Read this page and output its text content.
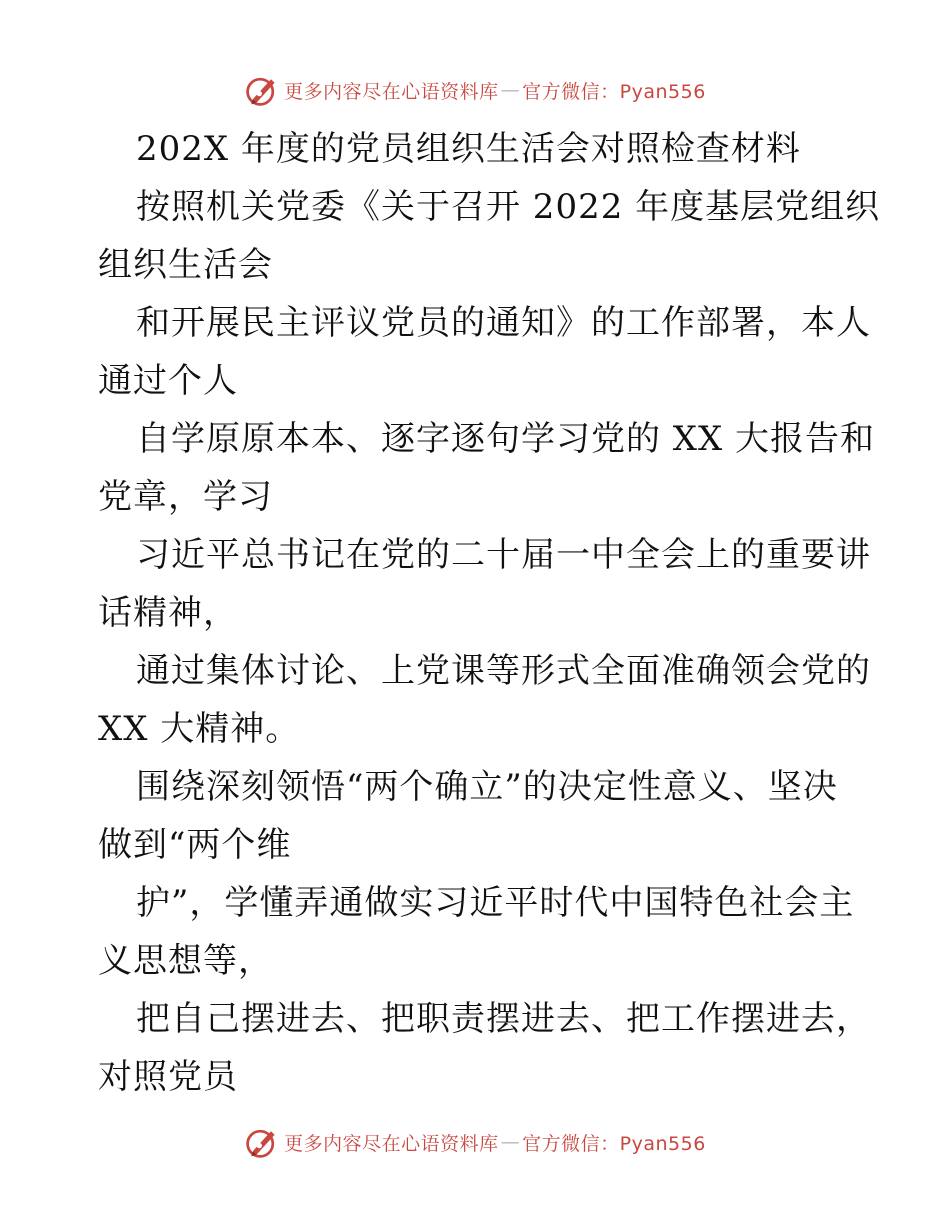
更多内容尽在心语资料库 — 官方微信：Pyan556
202X 年度的党员组织生活会对照检查材料
按照机关党委《关于召开 2022 年度基层党组织
组织生活会
和开展民主评议党员的通知》的工作部署，本人
通过个人
自学原原本本、逐字逐句学习党的 XX 大报告和
党章，学习
习近平总书记在党的二十届一中全会上的重要讲
话精神，
通过集体讨论、上党课等形式全面准确领会党的
XX 大精神。
围绕深刻领悟“两个确立”的决定性意义、坚决
做到“两个维
护”，学懂弄通做实习近平时代中国特色社会主
义思想等，
把自己摆进去、把职责摆进去、把工作摆进去，
对照党员
更多内容尽在心语资料库 — 官方微信：Pyan556
